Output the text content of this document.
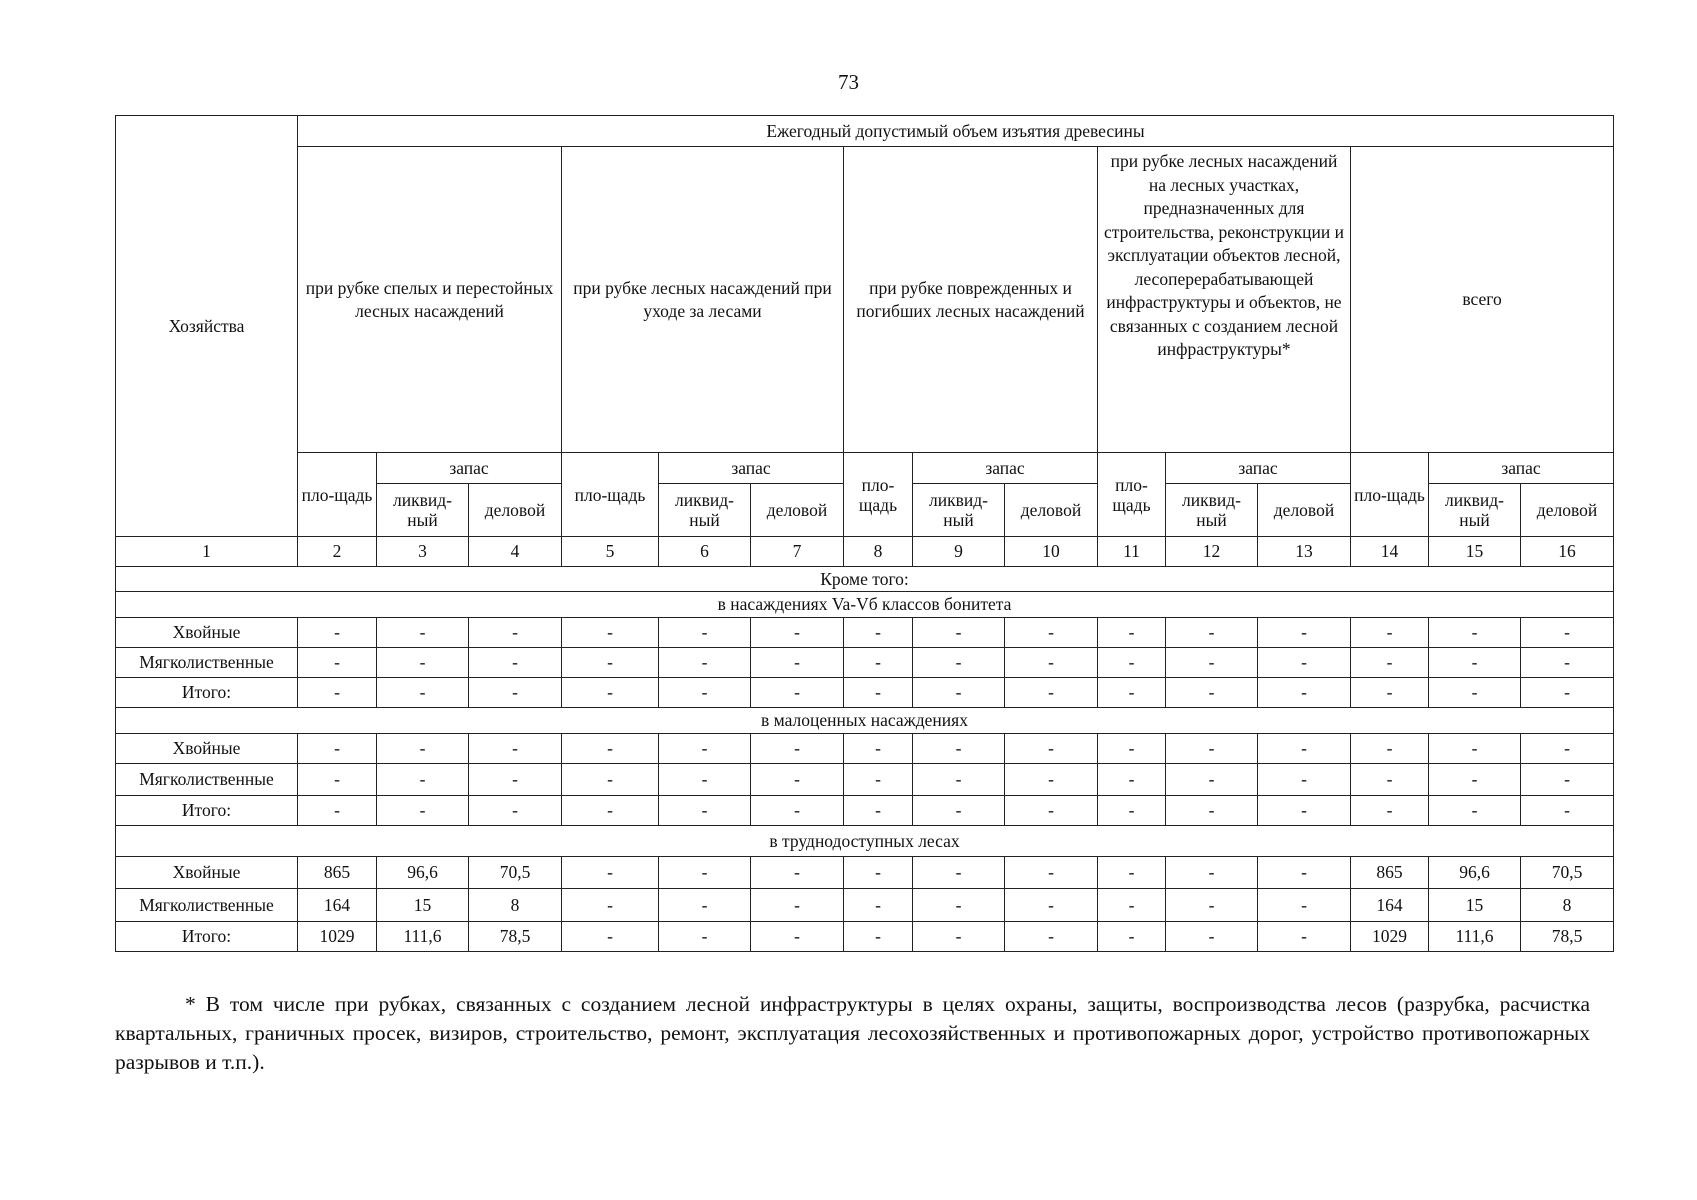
73
Хозяйства	Ежегодный допустимый объем изъятия древесины														
	при рубке спелых и перестойных лесных насаждений			при рубке лесных насаждений при уходе за лесами			при рубке поврежденных и погибших лесных насаждений			при рубке лесных насаждений на лесных участках, предназначенных для строительства, реконструкции и эксплуатации объектов лесной, лесоперерабатывающей инфраструктуры и объектов, не связанных с созданием лесной инфраструктуры*			всего		
	пло-щадь	запас		пло-щадь	запас		пло-щадь	запас		пло-щадь	запас		пло-щадь	запас	
		ликвид-ный	деловой		ликвид-ный	деловой		ликвид-ный	деловой		ликвид-ный	деловой		ликвид-ный	деловой
1	2	3	4	5	6	7	8	9	10	11	12	13	14	15	16
Кроме того:															
в насаждениях Va-Vб классов бонитета															
Хвойные	-	-	-	-	-	-	-	-	-	-	-	-	-	-	-
Мягколиственные	-	-	-	-	-	-	-	-	-	-	-	-	-	-	-
Итого:	-	-	-	-	-	-	-	-	-	-	-	-	-	-	-
в малоценных насаждениях															
Хвойные	-	-	-	-	-	-	-	-	-	-	-	-	-	-	-
Мягколиственные	-	-	-	-	-	-	-	-	-	-	-	-	-	-	-
Итого:	-	-	-	-	-	-	-	-	-	-	-	-	-	-	-
в труднодоступных лесах															
Хвойные	865	96,6	70,5	-	-	-	-	-	-	-	-	-	865	96,6	70,5
Мягколиственные	164	15	8	-	-	-	-	-	-	-	-	-	164	15	8
Итого:	1029	111,6	78,5	-	-	-	-	-	-	-	-	-	1029	111,6	78,5

* В том числе при рубках, связанных с созданием лесной инфраструктуры в целях охраны, защиты, воспроизводства лесов (разрубка, расчистка квартальных, граничных просек, визиров, строительство, ремонт, эксплуатация лесохозяйственных и противопожарных дорог, устройство противопожарных разрывов и т.п.).
